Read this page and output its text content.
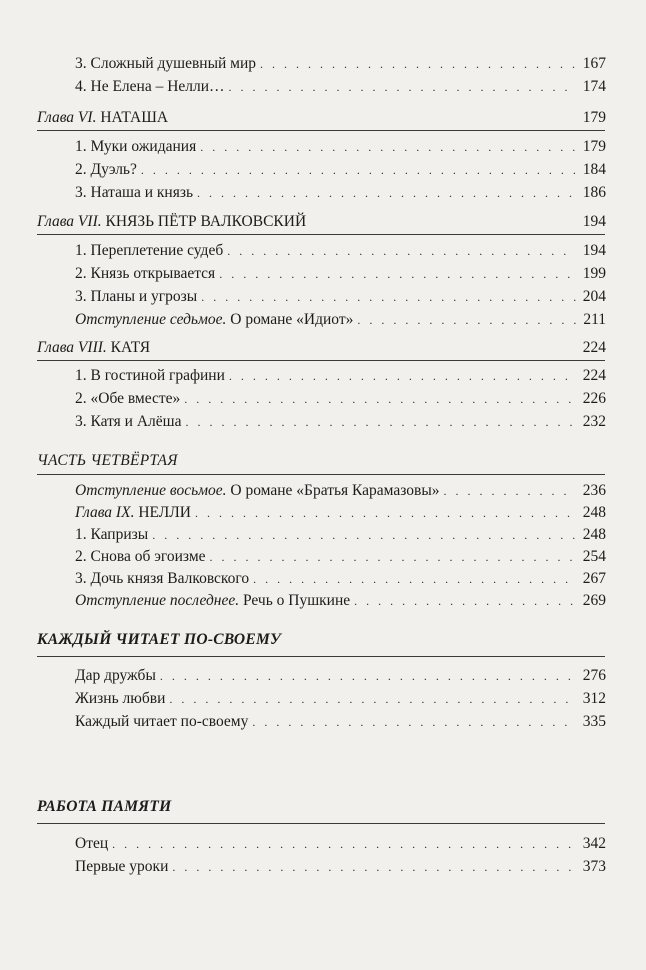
3. Сложный душевный мир . . .	167
4. Не Елена – Нелли… . . .	174
Глава VI. НАТАША	179
1. Муки ожидания . . .	179
2. Дуэль? . . .	184
3. Наташа и князь . . .	186
Глава VII. КНЯЗЬ ПЁТР ВАЛКОВСКИЙ	194
1. Переплетение судеб . . .	194
2. Князь открывается . . .	199
3. Планы и угрозы . . .	204
Отступление седьмое. О романе «Идиот» . . .	211
Глава VIII. КАТЯ	224
1. В гостиной графини . . .	224
2. «Обе вместе» . . .	226
3. Катя и Алёша . . .	232
ЧАСТЬ ЧЕТВЁРТАЯ
Отступление восьмое. О романе «Братья Карамазовы» . . .	236
Глава IX. НЕЛЛИ . . .	248
1. Капризы . . .	248
2. Снова об эгоизме . . .	254
3. Дочь князя Валковского . . .	267
Отступление последнее. Речь о Пушкине . . .	269
КАЖДЫЙ ЧИТАЕТ ПО-СВОЕМУ
Дар дружбы . . .	276
Жизнь любви . . .	312
Каждый читает по-своему . . .	335
РАБОТА ПАМЯТИ
Отец . . .	342
Первые уроки . . .	373
